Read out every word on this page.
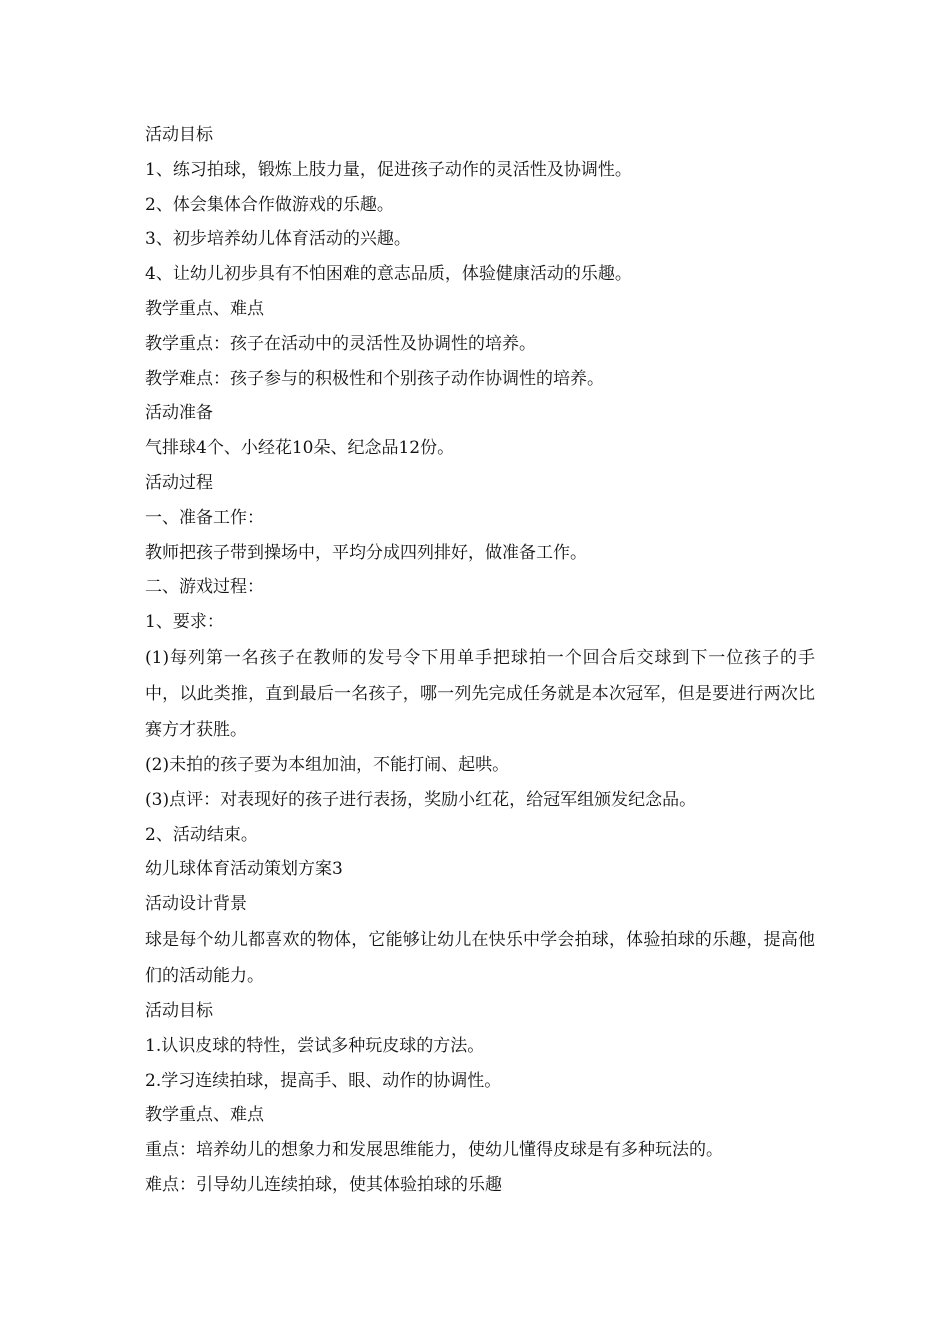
活动目标
1、练习拍球，锻炼上肢力量，促进孩子动作的灵活性及协调性。
2、体会集体合作做游戏的乐趣。
3、初步培养幼儿体育活动的兴趣。
4、让幼儿初步具有不怕困难的意志品质，体验健康活动的乐趣。
教学重点、难点
教学重点：孩子在活动中的灵活性及协调性的培养。
教学难点：孩子参与的积极性和个别孩子动作协调性的培养。
活动准备
气排球4个、小经花10朵、纪念品12份。
活动过程
一、准备工作：
教师把孩子带到操场中，平均分成四列排好，做准备工作。
二、游戏过程：
1、要求：
(1)每列第一名孩子在教师的发号令下用单手把球拍一个回合后交球到下一位孩子的手中，以此类推，直到最后一名孩子，哪一列先完成任务就是本次冠军，但是要进行两次比赛方才获胜。
(2)未拍的孩子要为本组加油，不能打闹、起哄。
(3)点评：对表现好的孩子进行表扬，奖励小红花，给冠军组颁发纪念品。
2、活动结束。
幼儿球体育活动策划方案3
活动设计背景
球是每个幼儿都喜欢的物体，它能够让幼儿在快乐中学会拍球，体验拍球的乐趣，提高他们的活动能力。
活动目标
1.认识皮球的特性，尝试多种玩皮球的方法。
2.学习连续拍球，提高手、眼、动作的协调性。
教学重点、难点
重点：培养幼儿的想象力和发展思维能力，使幼儿懂得皮球是有多种玩法的。
难点：引导幼儿连续拍球，使其体验拍球的乐趣
